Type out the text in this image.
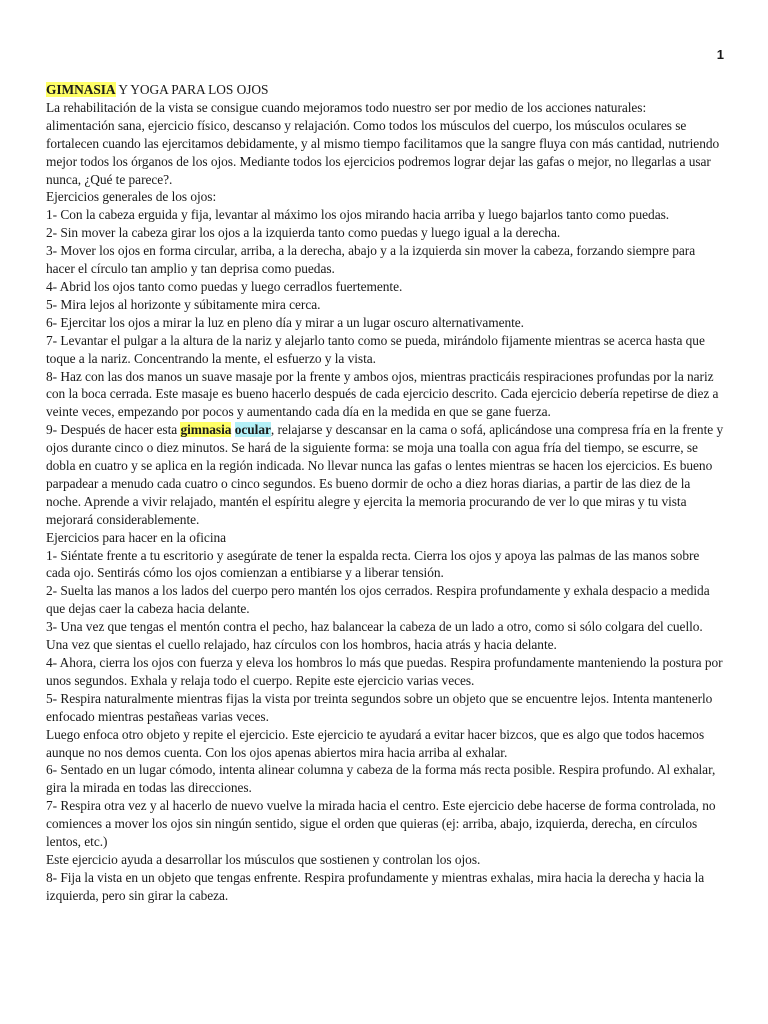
1

GIMNASIA Y YOGA PARA LOS OJOS

La rehabilitación de la vista se consigue cuando mejoramos todo nuestro ser por medio de los acciones naturales:

alimentación sana, ejercicio físico, descanso y relajación. Como todos los músculos del cuerpo, los músculos oculares se fortalecen cuando las ejercitamos debidamente, y al mismo tiempo facilitamos que la sangre fluya con más cantidad, nutriendo mejor todos los órganos de los ojos. Mediante todos los ejercicios podremos lograr dejar las gafas o mejor, no llegarlas a usar nunca, ¿Qué te parece?.

Ejercicios generales de los ojos:

1- Con la cabeza erguida y fija, levantar al máximo los ojos mirando hacia arriba y luego bajarlos tanto como puedas.

2- Sin mover la cabeza girar los ojos a la izquierda tanto como puedas y luego igual a la derecha.

3- Mover los ojos en forma circular, arriba, a la derecha, abajo y a la izquierda sin mover la cabeza, forzando siempre para hacer el círculo tan amplio y tan deprisa como puedas.

4- Abrid los ojos tanto como puedas y luego cerradlos fuertemente.

5- Mira lejos al horizonte y súbitamente mira cerca.

6- Ejercitar los ojos a mirar la luz en pleno día y mirar a un lugar oscuro alternativamente.

7- Levantar el pulgar a la altura de la nariz y alejarlo tanto como se pueda, mirándolo fijamente mientras se acerca hasta que toque a la nariz. Concentrando la mente, el esfuerzo y la vista.

8- Haz con las dos manos un suave masaje por la frente y ambos ojos, mientras practicáis respiraciones profundas por la nariz con la boca cerrada. Este masaje es bueno hacerlo después de cada ejercicio descrito. Cada ejercicio debería repetirse de diez a veinte veces, empezando por pocos y aumentando cada día en la medida en que se gane fuerza.

9- Después de hacer esta gimnasia ocular, relajarse y descansar en la cama o sofá, aplicándose una compresa fría en la frente y ojos durante cinco o diez minutos. Se hará de la siguiente forma: se moja una toalla con agua fría del tiempo, se escurre, se dobla en cuatro y se aplica en la región indicada. No llevar nunca las gafas o lentes mientras se hacen los ejercicios. Es bueno parpadear a menudo cada cuatro o cinco segundos. Es bueno dormir de ocho a diez horas diarias, a partir de las diez de la noche. Aprende a vivir relajado, mantén el espíritu alegre y ejercita la memoria procurando de ver lo que miras y tu vista mejorará considerablemente.

Ejercicios para hacer en la oficina

1- Siéntate frente a tu escritorio y asegúrate de tener la espalda recta. Cierra los ojos y apoya las palmas de las manos sobre cada ojo. Sentirás cómo los ojos comienzan a entibiarse y a liberar tensión.

2- Suelta las manos a los lados del cuerpo pero mantén los ojos cerrados. Respira profundamente y exhala despacio a medida que dejas caer la cabeza hacia delante.

3- Una vez que tengas el mentón contra el pecho, haz balancear la cabeza de un lado a otro, como si sólo colgara del cuello. Una vez que sientas el cuello relajado, haz círculos con los hombros, hacia atrás y hacia delante.

4- Ahora, cierra los ojos con fuerza y eleva los hombros lo más que puedas. Respira profundamente manteniendo la postura por unos segundos. Exhala y relaja todo el cuerpo. Repite este ejercicio varias veces.

5- Respira naturalmente mientras fijas la vista por treinta segundos sobre un objeto que se encuentre lejos. Intenta mantenerlo enfocado mientras pestañeas varias veces.

Luego enfoca otro objeto y repite el ejercicio. Este ejercicio te ayudará a evitar hacer bizcos, que es algo que todos hacemos aunque no nos demos cuenta. Con los ojos apenas abiertos mira hacia arriba al exhalar.

6- Sentado en un lugar cómodo, intenta alinear columna y cabeza de la forma más recta posible. Respira profundo. Al exhalar, gira la mirada en todas las direcciones.

7- Respira otra vez y al hacerlo de nuevo vuelve la mirada hacia el centro. Este ejercicio debe hacerse de forma controlada, no comiences a mover los ojos sin ningún sentido, sigue el orden que quieras (ej: arriba, abajo, izquierda, derecha, en círculos lentos, etc.)

Este ejercicio ayuda a desarrollar los músculos que sostienen y controlan los ojos.

8- Fija la vista en un objeto que tengas enfrente. Respira profundamente y mientras exhalas, mira hacia la derecha y hacia la izquierda, pero sin girar la cabeza.
